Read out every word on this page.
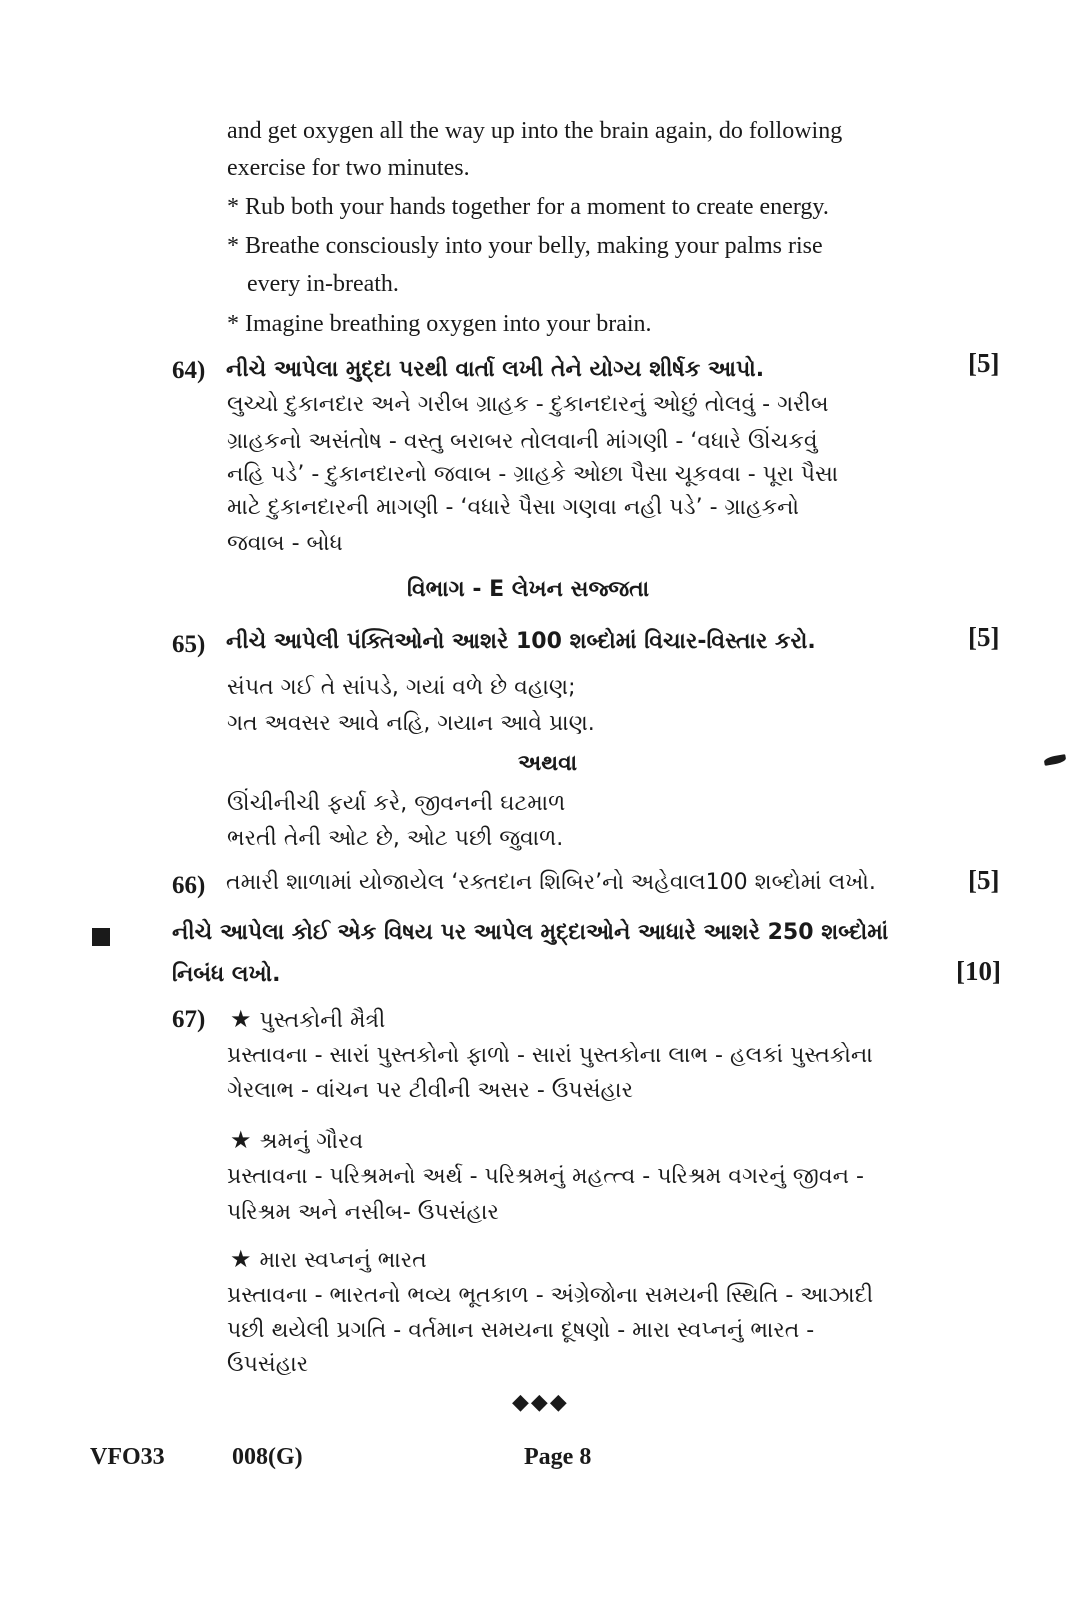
and get oxygen all the way up into the brain again, do following
exercise for two minutes.
* Rub both your hands together for a moment to create energy.
* Breathe consciously into your belly, making your palms rise
every in-breath.
* Imagine breathing oxygen into your brain.
64) નીચે આપેલા મુદ્દા પરથી વાર્તા લખી તેને યોગ્ય શીર્ષક આપો.	[5]
લુચ્ચો દુકાનદાર અને ગરીબ ગ્રાહક - દુકાનદારનું ઓછું તોલવું - ગરીબ
ગ્રાહકનો અસંતોષ - વસ્તુ બરાબર તોલવાની માંગણી - ‘વધારે ઊંચકવું
નહિ પડે’ - દુકાનદારનો જવાબ - ગ્રાહકે ઓછા પૈસા ચૂકવવા - પૂરા પૈસા
માટે દુકાનદારની માગણી - ‘વધારે પૈસા ગણવા નહી પડે’ - ગ્રાહકનો
જવાબ - બોધ
વિભાગ - E લેખન સજ્જતા
65) નીચે આપેલી પંક્તિઓનો આશરે 100 શબ્દોમાં વિચાર-વિસ્તાર કરો.	[5]
સંપત ગઈ તે સાંપડે, ગયાં વળે છે વહાણ;
ગત અવસર આવે નહિ, ગયાન આવે પ્રાણ.
અથવા
ઊંચીનીચી ફર્યા કરે, જીવનની ઘટમાળ
ભરતી તેની ઓટ છે, ઓટ પછી જુવાળ.
66) તમારી શાળામાં યોજાયેલ ‘રક્તદાન શિબિર’નો અહેવાલ100 શબ્દોમાં લખો.	[5]
નીચે આપેલા કોઈ એક વિષય પર આપેલ મુદ્દાઓને આધારે આશરે 250 શબ્દોમાં
નિબંધ લખો.	[10]
67) ★ પુસ્તકોની મૈત્રી
પ્રસ્તાવના - સારાં પુસ્તકોનો ફાળો - સારાં પુસ્તકોના લાભ - હલકાં પુસ્તકોના
ગેરલાભ - વાંચન પર ટીવીની અસર - ઉપસંહાર
★ શ્રમનું ગૌરવ
પ્રસ્તાવના - પરિશ્રમનો અર્થ - પરિશ્રમનું મહત્ત્વ - પરિશ્રમ વગરનું જીવન -
પરિશ્રમ અને નસીબ- ઉપસંહાર
★ મારા સ્વપ્નનું ભારત
પ્રસ્તાવના - ભારતનો ભવ્ય ભૂતકાળ - અંગ્રેજોના સમયની સ્થિતિ - આઝાદી
પછી થયેલી પ્રગતિ - વર્તમાન સમયના દૂષણો - મારા સ્વપ્નનું ભારત -
ઉપસંહાર
◆◆◆
VFO33	008(G)	Page 8
